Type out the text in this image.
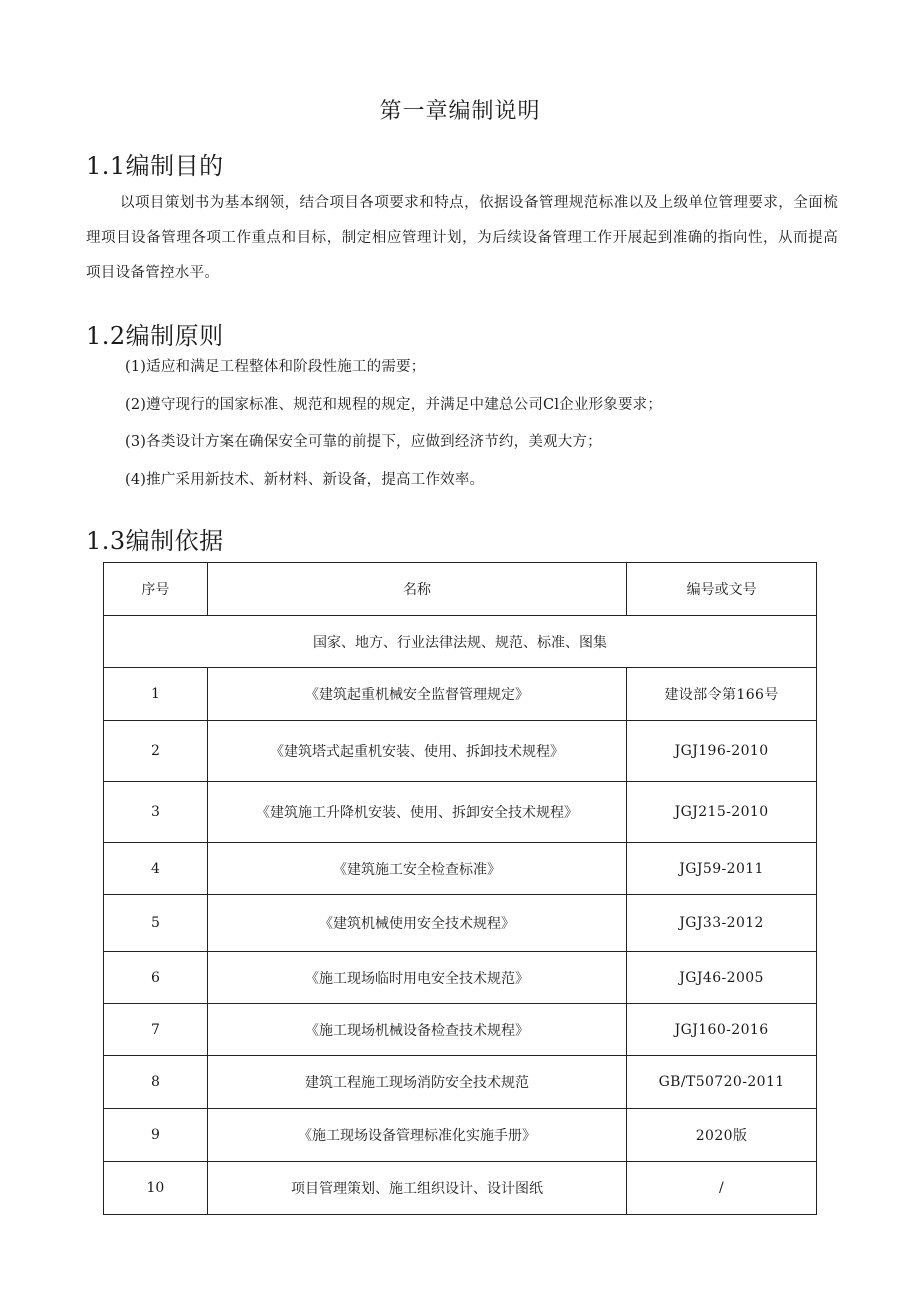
第一章编制说明
1.1编制目的

以项目策划书为基本纲领，结合项目各项要求和特点，依据设备管理规范标准以及上级单位管理要求，全面梳理项目设备管理各项工作重点和目标，制定相应管理计划，为后续设备管理工作开展起到准确的指向性，从而提高项目设备管控水平。

1.2编制原则
(1)适应和满足工程整体和阶段性施工的需要；
(2)遵守现行的国家标准、规范和规程的规定，并满足中建总公司Cl企业形象要求；
(3)各类设计方案在确保安全可靠的前提下，应做到经济节约，美观大方；
(4)推广采用新技术、新材料、新设备，提高工作效率。
1.3编制依据
序号	名称	编号或文号
国家、地方、行业法律法规、规范、标准、图集		
1	《建筑起重机械安全监督管理规定》	建设部令第166号
2	《建筑塔式起重机安装、使用、拆卸技术规程》	JGJ196-2010
3	《建筑施工升降机安装、使用、拆卸安全技术规程》	JGJ215-2010
4	《建筑施工安全检查标准》	JGJ59-2011
5	《建筑机械使用安全技术规程》	JGJ33-2012
6	《施工现场临时用电安全技术规范》	JGJ46-2005
7	《施工现场机械设备检查技术规程》	JGJ160-2016
8	建筑工程施工现场消防安全技术规范	GB/T50720-2011
9	《施工现场设备管理标准化实施手册》	2020版
10	项目管理策划、施工组织设计、设计图纸	/
